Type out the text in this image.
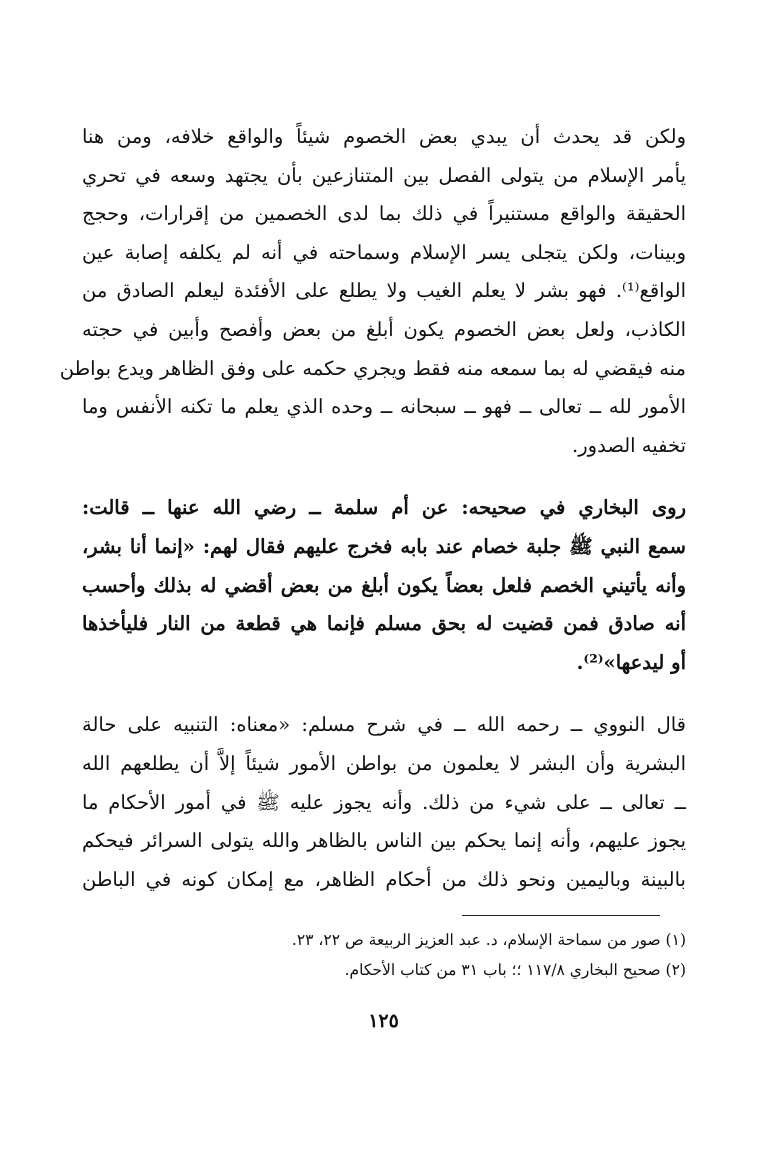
ولكن قد يحدث أن يبدي بعض الخصوم شيئاً والواقع خلافه، ومن هنا
يأمر الإسلام من يتولى الفصل بين المتنازعين بأن يجتهد وسعه في تحري
الحقيقة والواقع مستنيراً في ذلك بما لدى الخصمين من إقرارات، وحجج
وبينات، ولكن يتجلى يسر الإسلام وسماحته في أنه لم يكلفه إصابة عين
الواقع⁽¹⁾. فهو بشر لا يعلم الغيب ولا يطلع على الأفئدة ليعلم الصادق من
الكاذب، ولعل بعض الخصوم يكون أبلغ من بعض وأفصح وأبين في حجته
منه فيقضي له بما سمعه منه فقط ويجري حكمه على وفق الظاهر ويدع بواطن
الأمور لله ــ تعالى ــ فهو ــ سبحانه ــ وحده الذي يعلم ما تكنه الأنفس وما
تخفيه الصدور.
روى البخاري في صحيحه: عن أم سلمة ــ رضي الله عنها ــ قالت:
سمع النبي ﷺ جلبة خصام عند بابه فخرج عليهم فقال لهم: «إنما أنا بشر،
وأنه يأتيني الخصم فلعل بعضاً يكون أبلغ من بعض أقضي له بذلك وأحسب
أنه صادق فمن قضيت له بحق مسلم فإنما هي قطعة من النار فليأخذها
أو ليدعها»⁽²⁾.
قال النووي ــ رحمه الله ــ في شرح مسلم: «معناه: التنبيه على حالة
البشرية وأن البشر لا يعلمون من بواطن الأمور شيئاً إلاَّ أن يطلعهم الله
ــ تعالى ــ على شيء من ذلك. وأنه يجوز عليه ﷺ في أمور الأحكام ما
يجوز عليهم، وأنه إنما يحكم بين الناس بالظاهر والله يتولى السرائر فيحكم
بالبينة وباليمين ونحو ذلك من أحكام الظاهر، مع إمكان كونه في الباطن
(١) صور من سماحة الإسلام، د. عبد العزيز الربيعة ص ٢٢، ٢٣.
(٢) صحيح البخاري ١١٧/٨ ؛؛ باب ٣١ من كتاب الأحكام.
١٢٥
